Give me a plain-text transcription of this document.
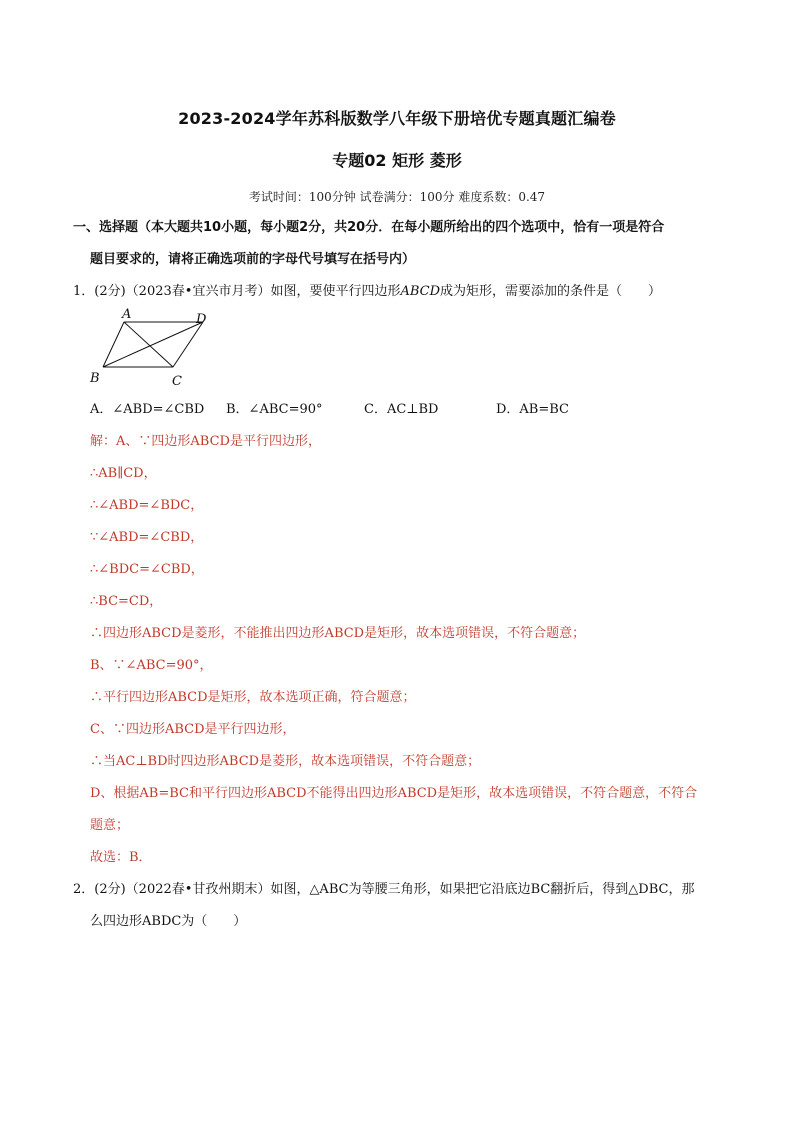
2023-2024学年苏科版数学八年级下册培优专题真题汇编卷
专题02 矩形 菱形
考试时间：100分钟 试卷满分：100分 难度系数：0.47
一、选择题（本大题共10小题，每小题2分，共20分．在每小题所给出的四个选项中，恰有一项是符合
题目要求的，请将正确选项前的字母代号填写在括号内）
1．(2分)（2023春•宜兴市月考）如图，要使平行四边形ABCD成为矩形，需要添加的条件是（　　）
A	D
B	C
A．∠ABD=∠CBD B．∠ABC=90°	C．AC⊥BD	D．AB=BC
解：A、∵四边形ABCD是平行四边形，
∴AB∥CD，
∴∠ABD=∠BDC，
∵∠ABD=∠CBD，
∴∠BDC=∠CBD，
∴BC=CD，
∴四边形ABCD是菱形，不能推出四边形ABCD是矩形，故本选项错误，不符合题意；
B、∵∠ABC=90°，
∴平行四边形ABCD是矩形，故本选项正确，符合题意；
C、∵四边形ABCD是平行四边形，
∴当AC⊥BD时四边形ABCD是菱形，故本选项错误，不符合题意；
D、根据AB=BC和平行四边形ABCD不能得出四边形ABCD是矩形，故本选项错误，不符合题意，不符合
题意；
故选：B．
2．(2分)（2022春•甘孜州期末）如图，△ABC为等腰三角形，如果把它沿底边BC翻折后，得到△DBC，那
么四边形ABDC为（　　）
